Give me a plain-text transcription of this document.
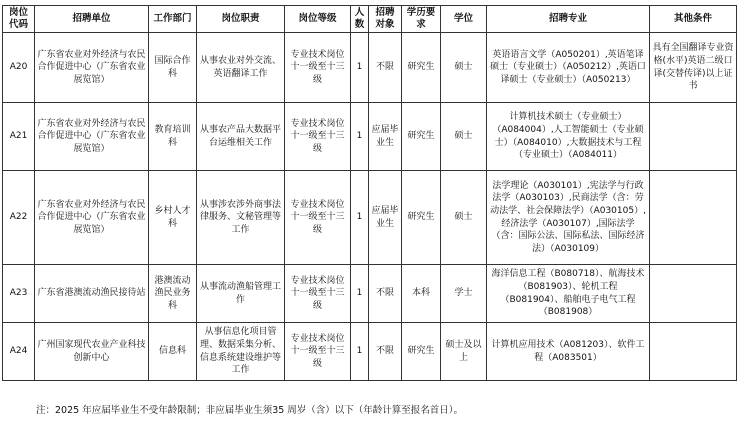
岗位代码	招聘单位	工作部门	岗位职责	岗位等级	人数	招聘对象	学历要求	学位	招聘专业	其他条件
A20	广东省农业对外经济与农民合作促进中心（广东省农业展览馆）	国际合作科	从事农业对外交流、英语翻译工作	专业技术岗位十一级至十三级	1	不限	研究生	硕士	英语语言文学（A050201）,英语笔译硕士（专业硕士）（A050212）,英语口译硕士（专业硕士）（A050213）	具有全国翻译专业资格(水平)英语二级口译(交替传译)以上证书
A21	广东省农业对外经济与农民合作促进中心（广东省农业展览馆）	教育培训科	从事农产品大数据平台运维相关工作	专业技术岗位十一级至十三级	1	应届毕业生	研究生	硕士	计算机技术硕士（专业硕士）（A084004）,人工智能硕士（专业硕士）（A084010）,大数据技术与工程（专业硕士）（A084011）	
A22	广东省农业对外经济与农民合作促进中心（广东省农业展览馆）	乡村人才科	从事涉农涉外商事法律服务、文秘管理等工作	专业技术岗位十一级至十三级	1	应届毕业生	研究生	硕士	法学理论（A030101）,宪法学与行政法学（A030103）,民商法学（含：劳动法学、社会保障法学）（A030105）,经济法学（A030107）,国际法学（含：国际公法、国际私法、国际经济法）（A030109）	
A23	广东省港澳流动渔民接待站	港澳流动渔民业务科	从事流动渔船管理工作	专业技术岗位十一级至十三级	1	不限	本科	学士	海洋信息工程（B080718）、航海技术（B081903）、轮机工程（B081904）、船舶电子电气工程（B081908）	
A24	广州国家现代农业产业科技创新中心	信息科	从事信息化项目管理、数据采集分析、信息系统建设维护等工作	专业技术岗位十一级至十三级	1	不限	研究生	硕士及以上	计算机应用技术（A081203）、软件工程（A083501）	
注：2025 年应届毕业生不受年龄限制；非应届毕业生须35 周岁（含）以下（年龄计算至报名首日）。
